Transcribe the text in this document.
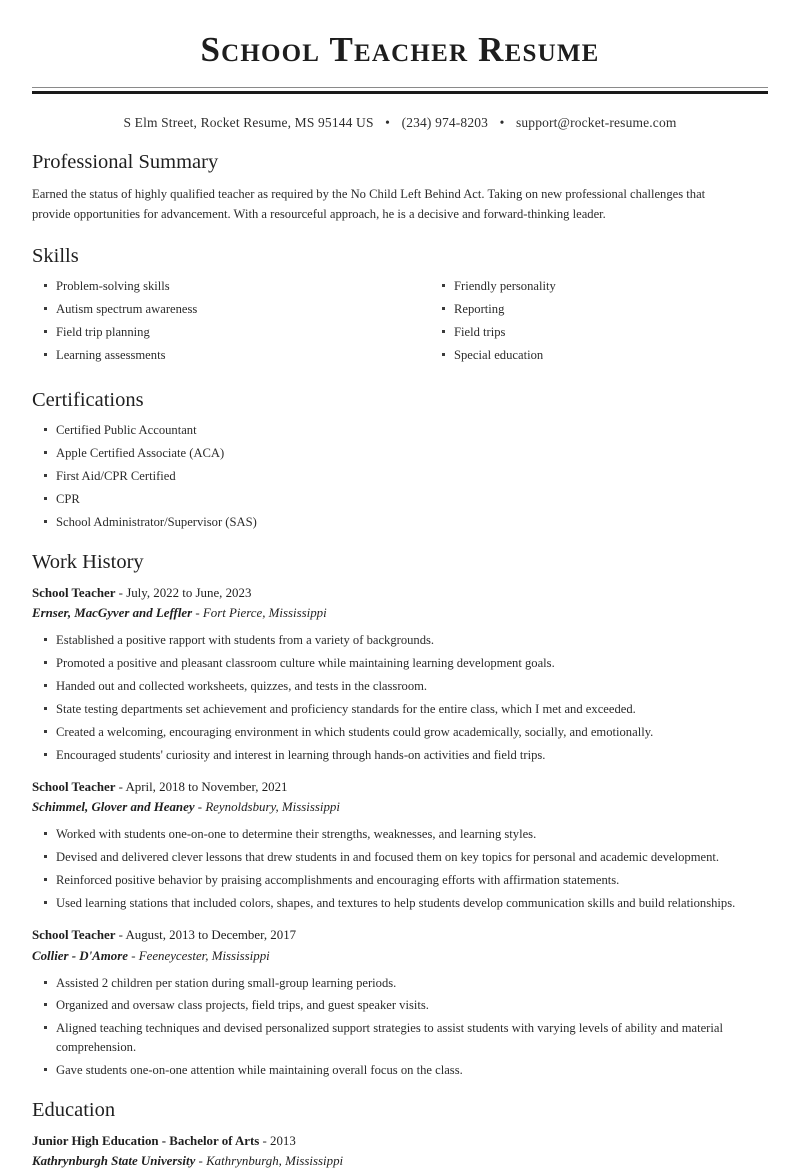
School Teacher Resume
S Elm Street, Rocket Resume, MS 95144 US • (234) 974-8203 • support@rocket-resume.com
Professional Summary

Earned the status of highly qualified teacher as required by the No Child Left Behind Act. Taking on new professional challenges that provide opportunities for advancement. With a resourceful approach, he is a decisive and forward-thinking leader.

Skills
Problem-solving skills
Autism spectrum awareness
Field trip planning
Learning assessments
Friendly personality
Reporting
Field trips
Special education
Certifications
Certified Public Accountant
Apple Certified Associate (ACA)
First Aid/CPR Certified
CPR
School Administrator/Supervisor (SAS)
Work History
School Teacher - July, 2022 to June, 2023
Ernser, MacGyver and Leffler - Fort Pierce, Mississippi
Established a positive rapport with students from a variety of backgrounds.
Promoted a positive and pleasant classroom culture while maintaining learning development goals.
Handed out and collected worksheets, quizzes, and tests in the classroom.
State testing departments set achievement and proficiency standards for the entire class, which I met and exceeded.
Created a welcoming, encouraging environment in which students could grow academically, socially, and emotionally.
Encouraged students' curiosity and interest in learning through hands-on activities and field trips.
School Teacher - April, 2018 to November, 2021
Schimmel, Glover and Heaney - Reynoldsbury, Mississippi
Worked with students one-on-one to determine their strengths, weaknesses, and learning styles.
Devised and delivered clever lessons that drew students in and focused them on key topics for personal and academic development.
Reinforced positive behavior by praising accomplishments and encouraging efforts with affirmation statements.
Used learning stations that included colors, shapes, and textures to help students develop communication skills and build relationships.
School Teacher - August, 2013 to December, 2017
Collier - D'Amore - Feeneycester, Mississippi
Assisted 2 children per station during small-group learning periods.
Organized and oversaw class projects, field trips, and guest speaker visits.
Aligned teaching techniques and devised personalized support strategies to assist students with varying levels of ability and material comprehension.
Gave students one-on-one attention while maintaining overall focus on the class.
Education
Junior High Education - Bachelor of Arts - 2013
Kathrynburgh State University - Kathrynburgh, Mississippi
